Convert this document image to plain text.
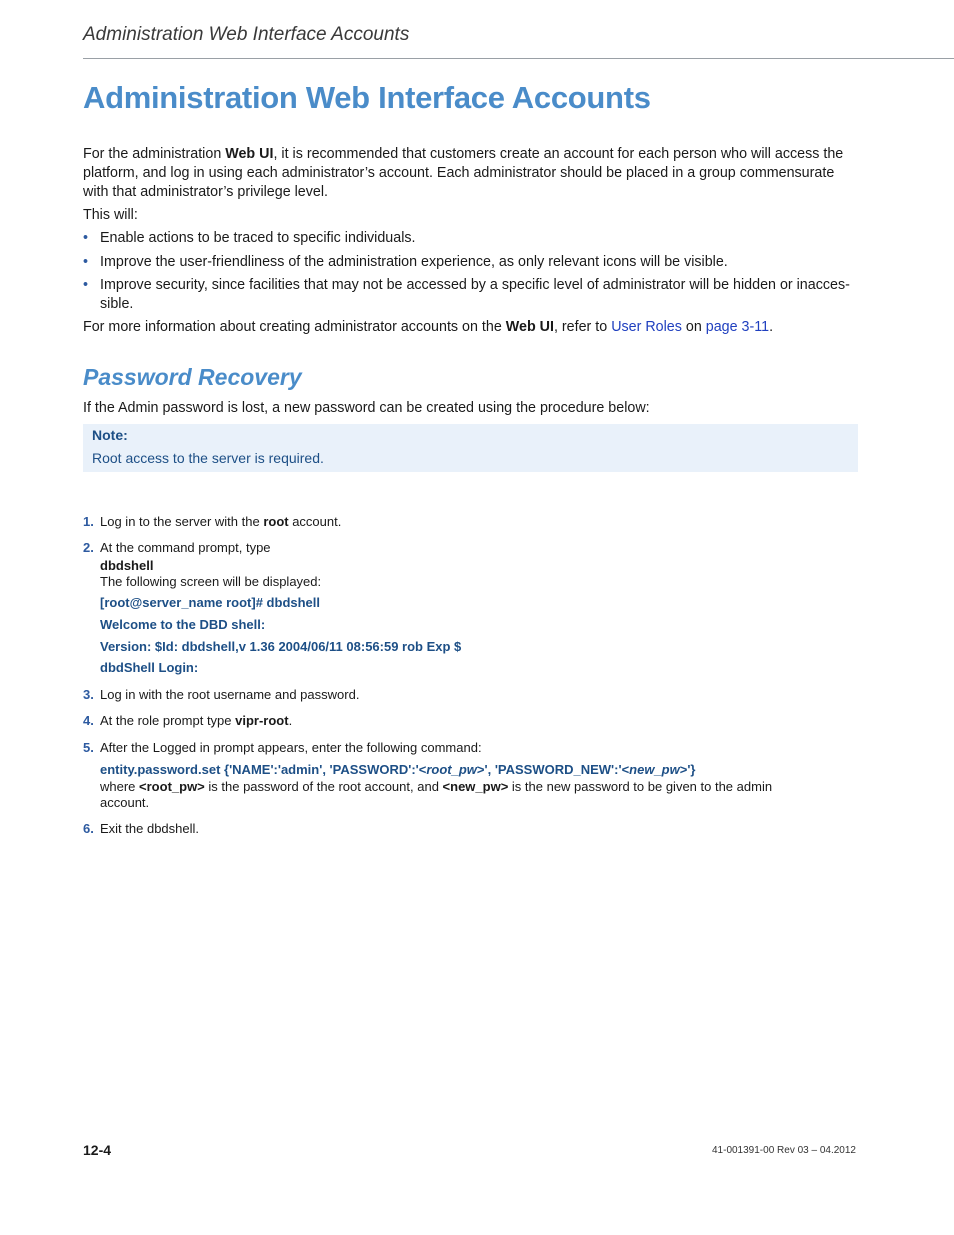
Administration Web Interface Accounts
Administration Web Interface Accounts

For the administration Web UI, it is recommended that customers create an account for each person who will access the platform, and log in using each administrator’s account. Each administrator should be placed in a group commensurate with that administrator’s privilege level.

This will:

• Enable actions to be traced to specific individuals.
• Improve the user-friendliness of the administration experience, as only relevant icons will be visible.
• Improve security, since facilities that may not be accessed by a specific level of administrator will be hidden or inacces-sible.

For more information about creating administrator accounts on the Web UI, refer to User Roles on page 3-11.

Password Recovery

If the Admin password is lost, a new password can be created using the procedure below:

Note:
Root access to the server is required.
1. Log in to the server with the root account.
2. At the command prompt, type
dbdshell
The following screen will be displayed:
[root@server_name root]# dbdshell
Welcome to the DBD shell:
Version: $Id: dbdshell,v 1.36 2004/06/11 08:56:59 rob Exp $
dbdShell Login:
3. Log in with the root username and password.
4. At the role prompt type vipr-root.
5. After the Logged in prompt appears, enter the following command:
entity.password.set {'NAME':'admin', 'PASSWORD':'<root_pw>', 'PASSWORD_NEW':'<new_pw>'}
where <root_pw> is the password of the root account, and <new_pw> is the new password to be given to the admin account.
6. Exit the dbdshell.
12-4	41-001391-00 Rev 03 – 04.2012
